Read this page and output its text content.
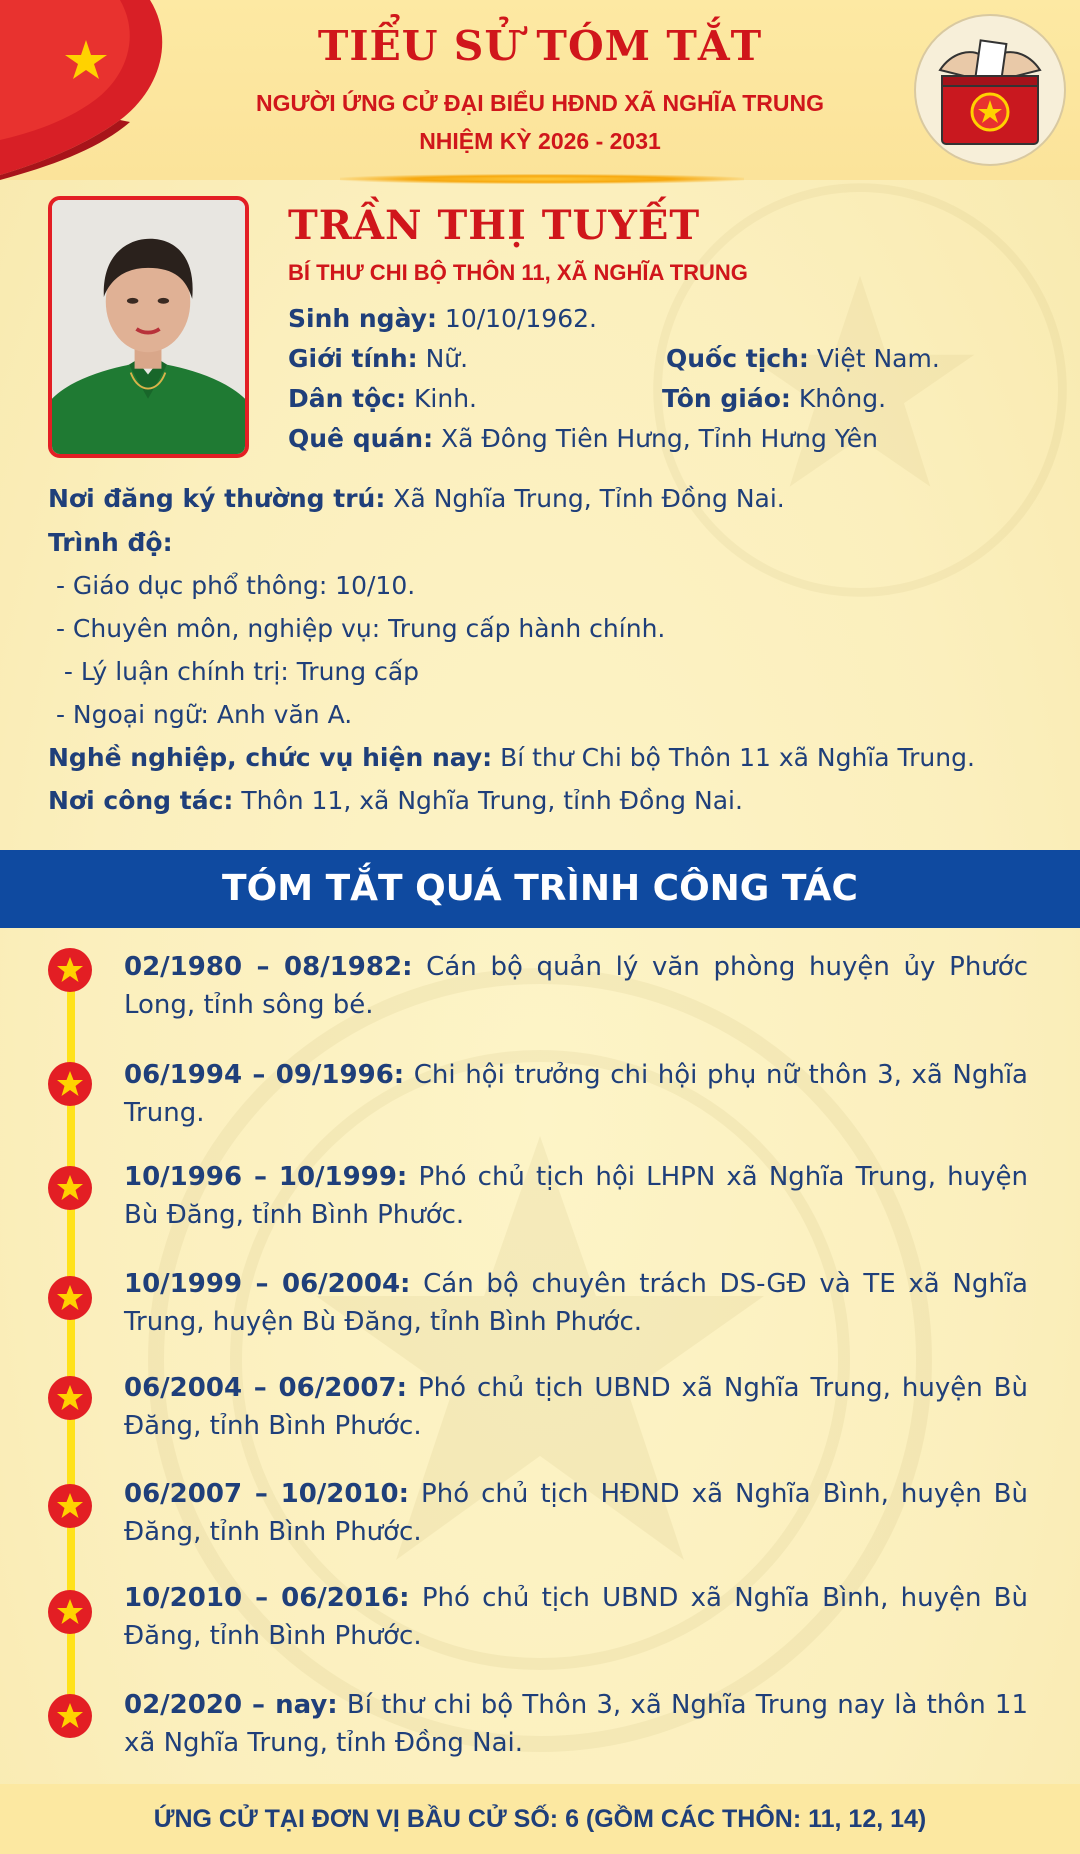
TIỂU SỬ TÓM TẮT
NGƯỜI ỨNG CỬ ĐẠI BIỂU HĐND XÃ NGHĨA TRUNG
NHIỆM KỲ 2026 - 2031
TRẦN THỊ TUYẾT
BÍ THƯ CHI BỘ THÔN 11, XÃ NGHĨA TRUNG
Sinh ngày: 10/10/1962.
Giới tính: Nữ.	Quốc tịch: Việt Nam.
Dân tộc: Kinh.	Tôn giáo: Không.
Quê quán: Xã Đông Tiên Hưng, Tỉnh Hưng Yên
Nơi đăng ký thường trú: Xã Nghĩa Trung, Tỉnh Đồng Nai.
Trình độ:
- Giáo dục phổ thông: 10/10.
- Chuyên môn, nghiệp vụ: Trung cấp hành chính.
- Lý luận chính trị: Trung cấp
- Ngoại ngữ: Anh văn A.
Nghề nghiệp, chức vụ hiện nay: Bí thư Chi bộ Thôn 11 xã Nghĩa Trung.
Nơi công tác: Thôn 11, xã Nghĩa Trung, tỉnh Đồng Nai.
TÓM TẮT QUÁ TRÌNH CÔNG TÁC
02/1980 – 08/1982: Cán bộ quản lý văn phòng huyện ủy Phước Long, tỉnh sông bé.
06/1994 – 09/1996: Chi hội trưởng chi hội phụ nữ thôn 3, xã Nghĩa Trung.
10/1996 – 10/1999: Phó chủ tịch hội LHPN xã Nghĩa Trung, huyện Bù Đăng, tỉnh Bình Phước.
10/1999 – 06/2004: Cán bộ chuyên trách DS-GĐ và TE xã Nghĩa Trung, huyện Bù Đăng, tỉnh Bình Phước.
06/2004 – 06/2007: Phó chủ tịch UBND xã Nghĩa Trung, huyện Bù Đăng, tỉnh Bình Phước.
06/2007 – 10/2010: Phó chủ tịch HĐND xã Nghĩa Bình, huyện Bù Đăng, tỉnh Bình Phước.
10/2010 – 06/2016: Phó chủ tịch UBND xã Nghĩa Bình, huyện Bù Đăng, tỉnh Bình Phước.
02/2020 – nay: Bí thư chi bộ Thôn 3, xã Nghĩa Trung nay là thôn 11 xã Nghĩa Trung, tỉnh Đồng Nai.
ỨNG CỬ TẠI ĐƠN VỊ BẦU CỬ SỐ: 6 (GỒM CÁC THÔN: 11, 12, 14)
